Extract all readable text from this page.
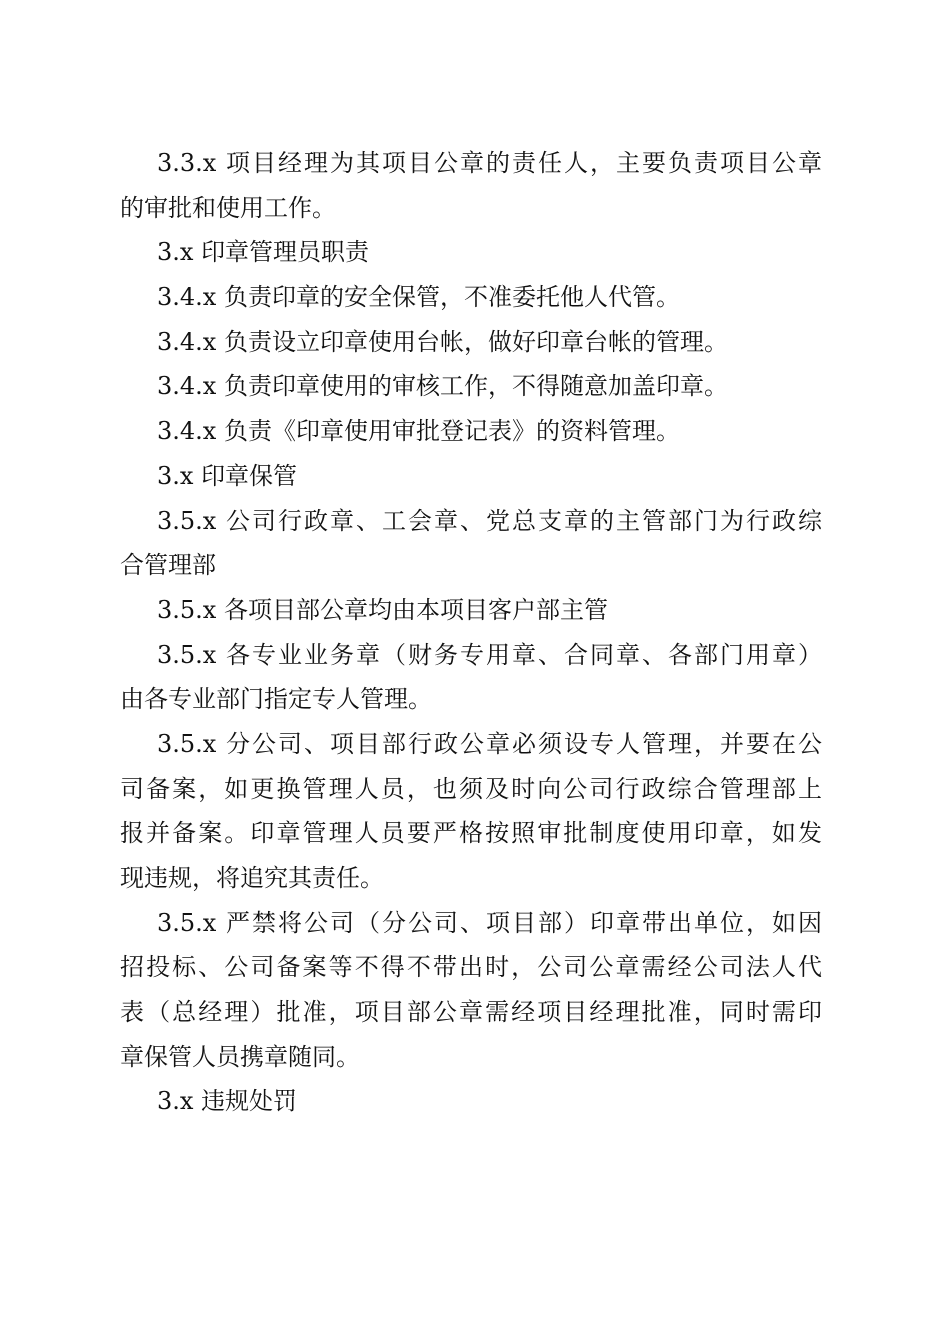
3.3.x 项目经理为其项目公章的责任人，主要负责项目公章
的审批和使用工作。
3.x 印章管理员职责
3.4.x 负责印章的安全保管，不准委托他人代管。
3.4.x 负责设立印章使用台帐，做好印章台帐的管理。
3.4.x 负责印章使用的审核工作，不得随意加盖印章。
3.4.x 负责《印章使用审批登记表》的资料管理。
3.x 印章保管
3.5.x 公司行政章、工会章、党总支章的主管部门为行政综
合管理部
3.5.x 各项目部公章均由本项目客户部主管
3.5.x 各专业业务章（财务专用章、合同章、各部门用章）
由各专业部门指定专人管理。
3.5.x 分公司、项目部行政公章必须设专人管理，并要在公
司备案，如更换管理人员，也须及时向公司行政综合管理部上
报并备案。印章管理人员要严格按照审批制度使用印章，如发
现违规，将追究其责任。
3.5.x 严禁将公司（分公司、项目部）印章带出单位，如因
招投标、公司备案等不得不带出时，公司公章需经公司法人代
表（总经理）批准，项目部公章需经项目经理批准，同时需印
章保管人员携章随同。
3.x 违规处罚
